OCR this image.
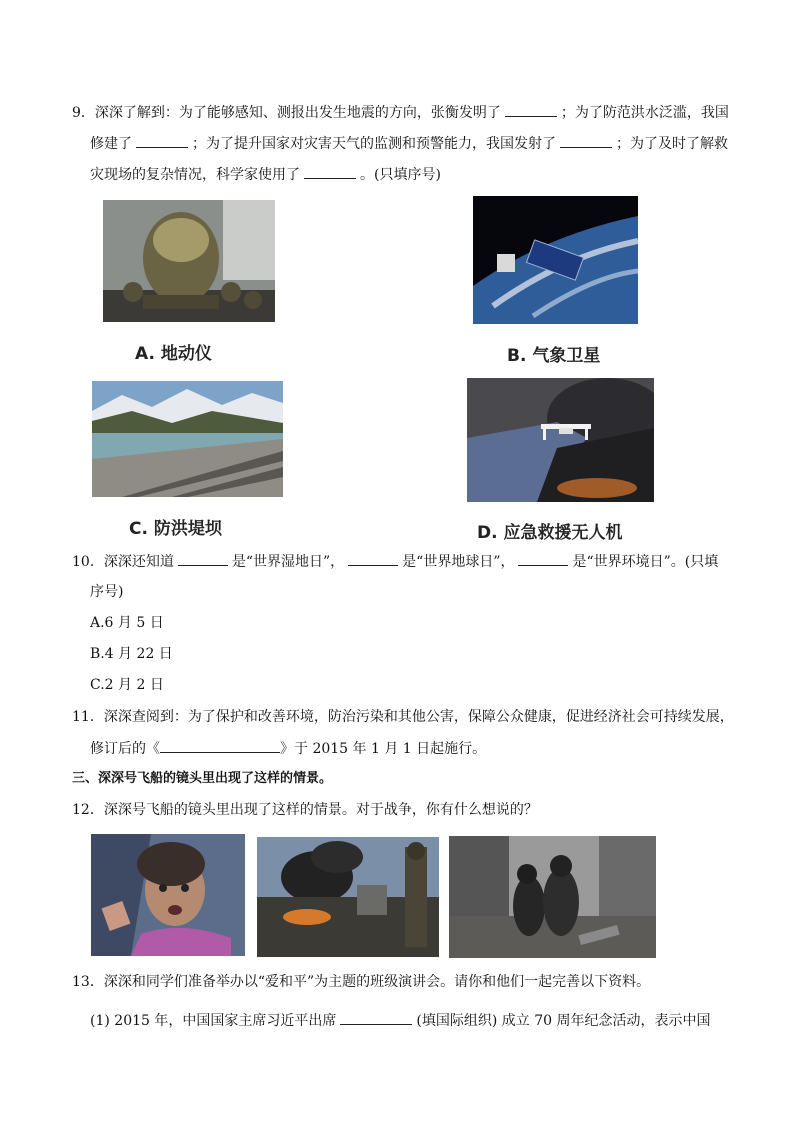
9．深深了解到：为了能够感知、测报出发生地震的方向，张衡发明了	；为了防范洪水泛滥，我国
修建了	；为了提升国家对灾害天气的监测和预警能力，我国发射了	；为了及时了解救
灾现场的复杂情况，科学家使用了	。(只填序号)
A. 地动仪	B. 气象卫星
C. 防洪堤坝	D. 应急救援无人机
10．深深还知道	是“世界湿地日”，	是“世界地球日”，	是“世界环境日”。(只填
序号)
A.6 月 5 日
B.4 月 22 日
C.2 月 2 日
11．深深查阅到：为了保护和改善环境，防治污染和其他公害，保障公众健康，促进经济社会可持续发展，
修订后的《	》于 2015 年 1 月 1 日起施行。
三、深深号飞船的镜头里出现了这样的情景。
12．深深号飞船的镜头里出现了这样的情景。对于战争，你有什么想说的？
13．深深和同学们准备举办以“爱和平”为主题的班级演讲会。请你和他们一起完善以下资料。
(1) 2015 年，中国国家主席习近平出席	(填国际组织) 成立 70 周年纪念活动，表示中国
